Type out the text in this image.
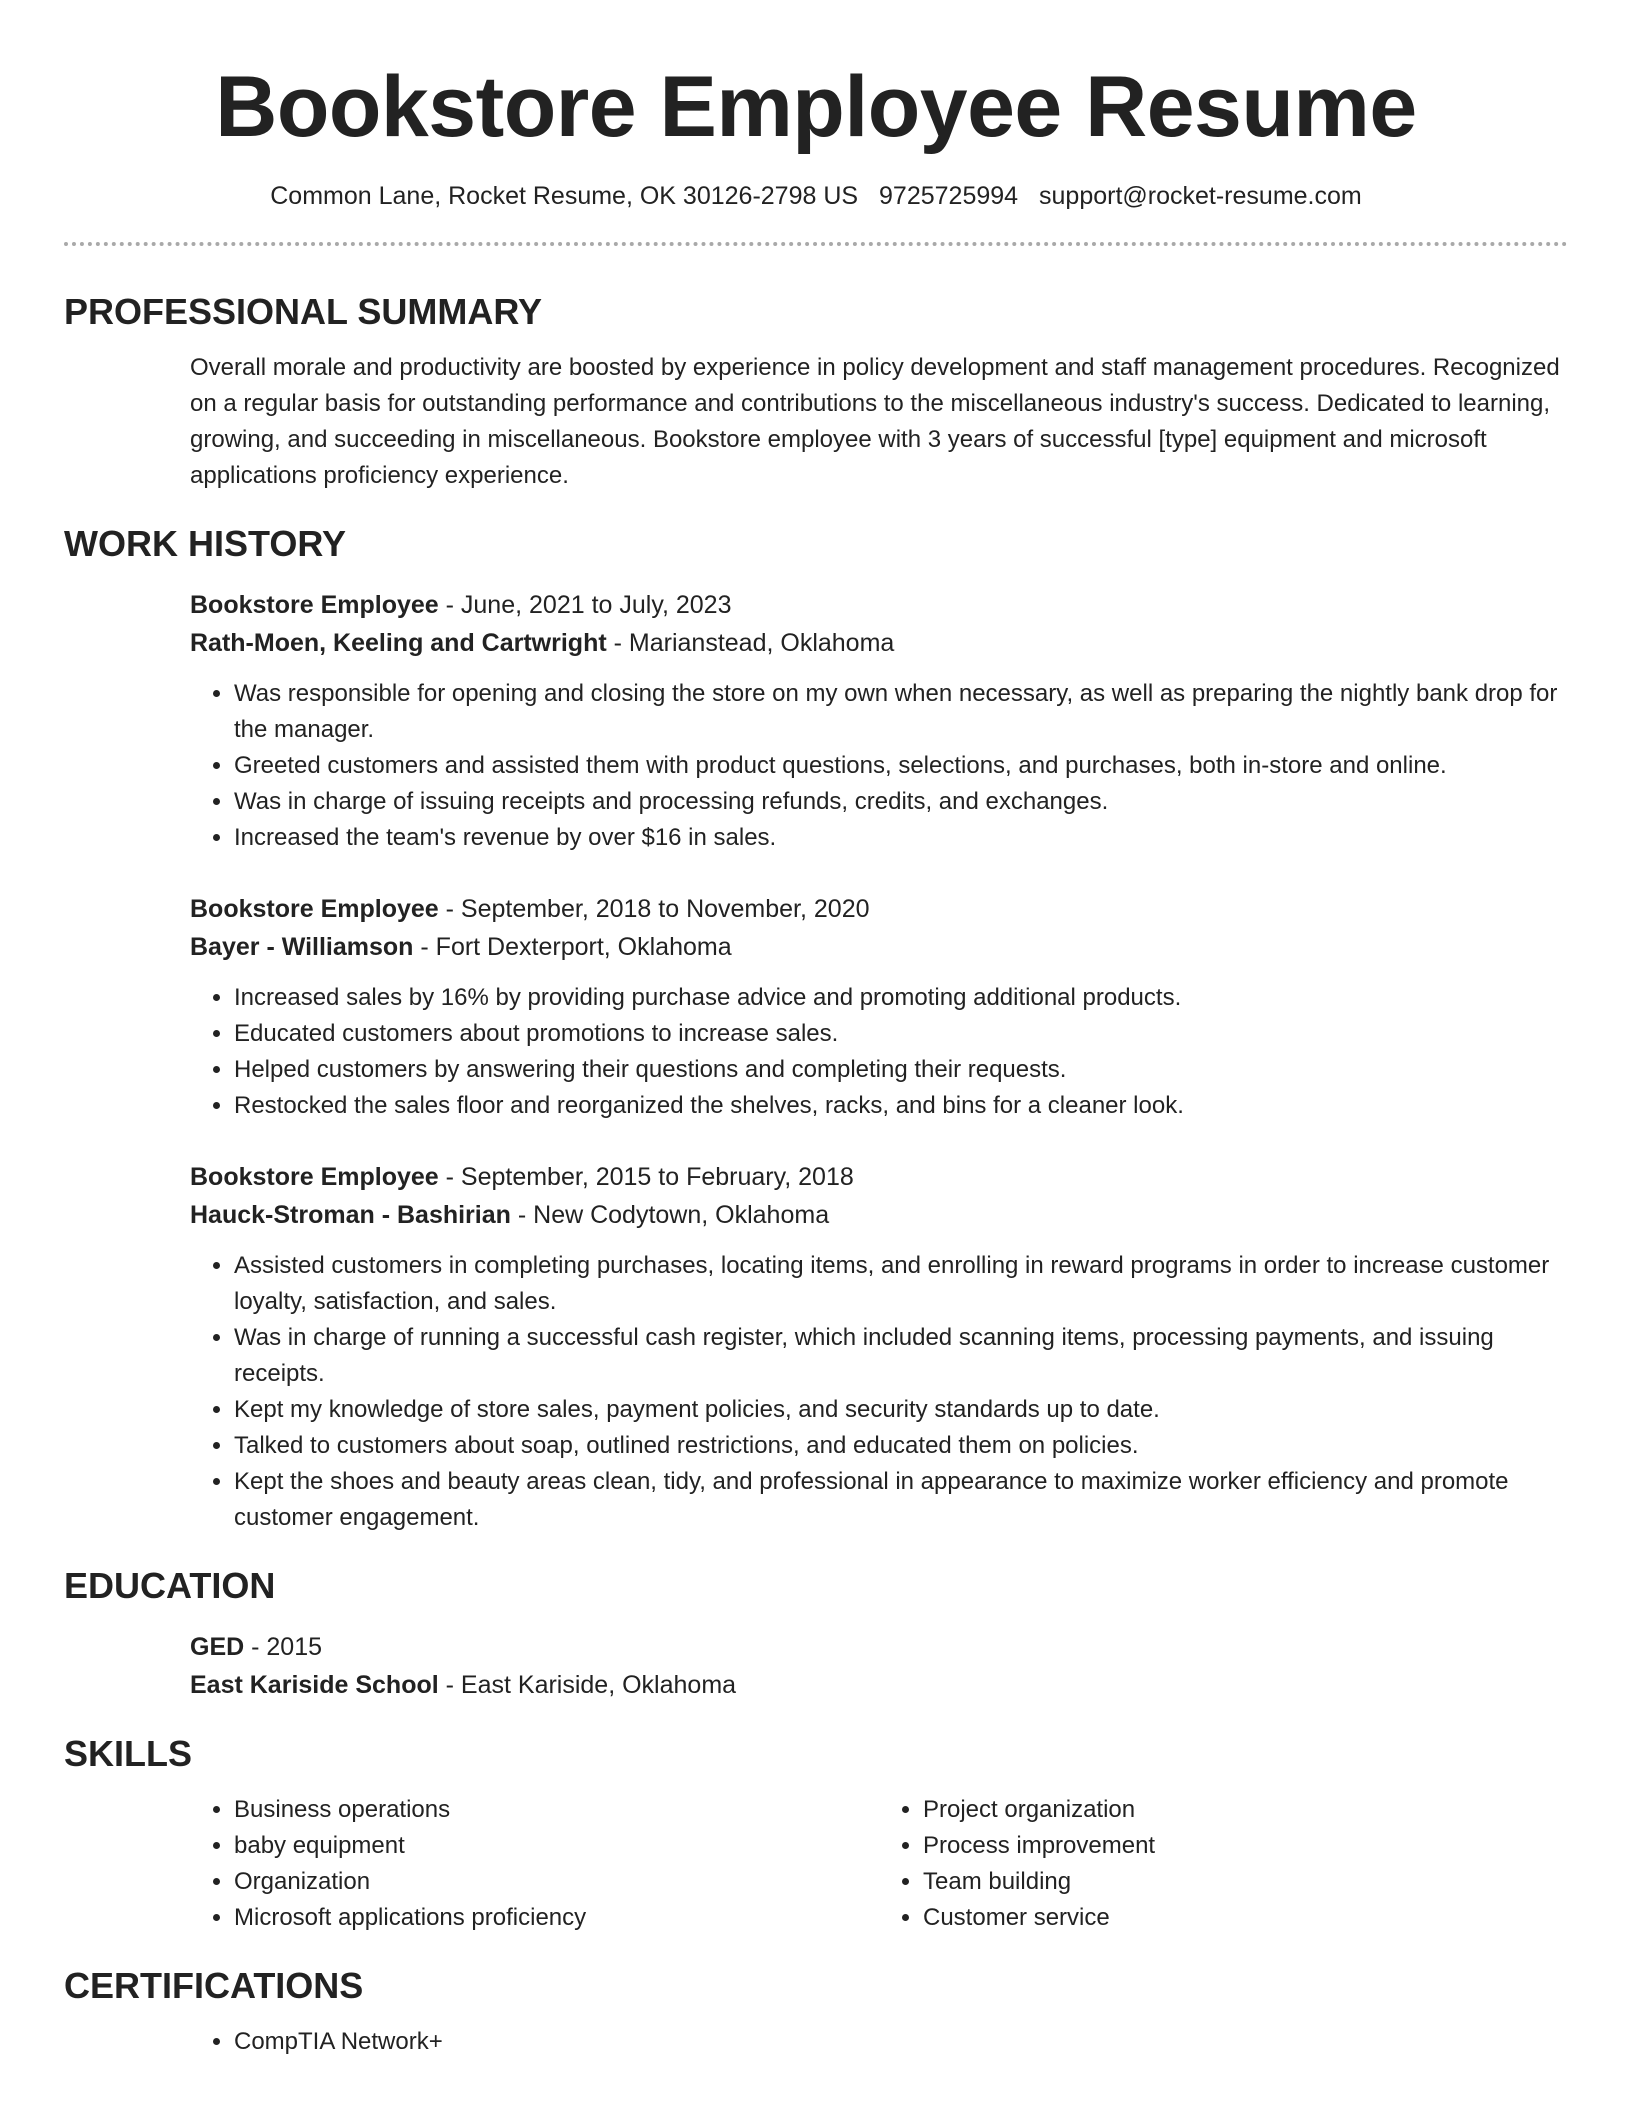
Bookstore Employee Resume
Common Lane, Rocket Resume, OK 30126-2798 US 9725725994 support@rocket-resume.com
PROFESSIONAL SUMMARY

Overall morale and productivity are boosted by experience in policy development and staff management procedures. Recognized on a regular basis for outstanding performance and contributions to the miscellaneous industry's success. Dedicated to learning, growing, and succeeding in miscellaneous. Bookstore employee with 3 years of successful [type] equipment and microsoft applications proficiency experience.

WORK HISTORY

Bookstore Employee - June, 2021 to July, 2023

Rath-Moen, Keeling and Cartwright - Marianstead, Oklahoma

• Was responsible for opening and closing the store on my own when necessary, as well as preparing the nightly bank drop for the manager.
• Greeted customers and assisted them with product questions, selections, and purchases, both in-store and online.
• Was in charge of issuing receipts and processing refunds, credits, and exchanges.
• Increased the team's revenue by over $16 in sales.

Bookstore Employee - September, 2018 to November, 2020

Bayer - Williamson - Fort Dexterport, Oklahoma

• Increased sales by 16% by providing purchase advice and promoting additional products.
• Educated customers about promotions to increase sales.
• Helped customers by answering their questions and completing their requests.
• Restocked the sales floor and reorganized the shelves, racks, and bins for a cleaner look.

Bookstore Employee - September, 2015 to February, 2018

Hauck-Stroman - Bashirian - New Codytown, Oklahoma

• Assisted customers in completing purchases, locating items, and enrolling in reward programs in order to increase customer loyalty, satisfaction, and sales.
• Was in charge of running a successful cash register, which included scanning items, processing payments, and issuing receipts.
• Kept my knowledge of store sales, payment policies, and security standards up to date.
• Talked to customers about soap, outlined restrictions, and educated them on policies.
• Kept the shoes and beauty areas clean, tidy, and professional in appearance to maximize worker efficiency and promote customer engagement.
EDUCATION

GED - 2015

East Kariside School - East Kariside, Oklahoma

SKILLS
• Business operations
• baby equipment
• Organization
• Microsoft applications proficiency
• Project organization
• Process improvement
• Team building
• Customer service
CERTIFICATIONS
• CompTIA Network+
